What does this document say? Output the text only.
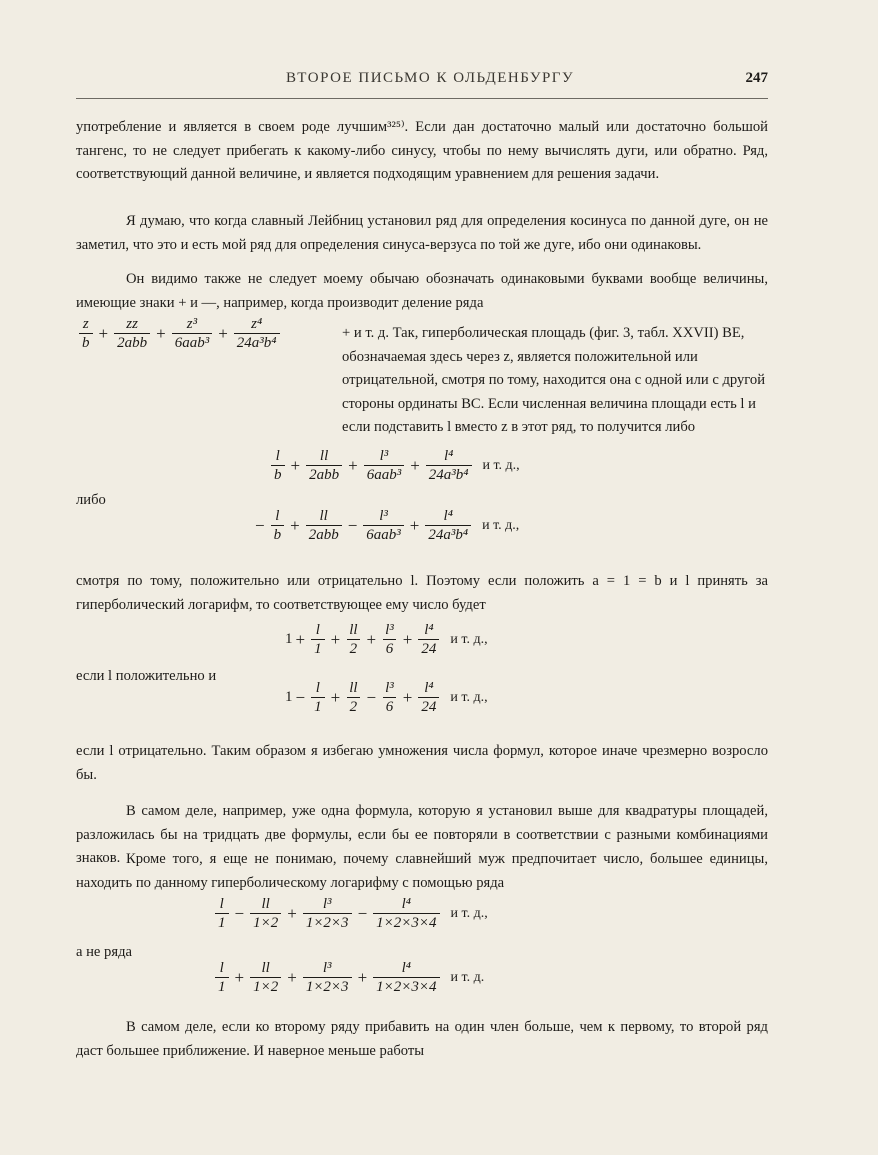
ВТОРОЕ ПИСЬМО К ОЛЬДЕНБУРГУ	247

употребление и является в своем роде лучшим³²⁵⁾. Если дан достаточно малый или достаточно большой тангенс, то не следует прибегать к какому-либо синусу, чтобы по нему вычислять дуги, или обратно. Ряд, соответствующий данной величине, и является подходящим уравнением для решения задачи.

Я думаю, что когда славный Лейбниц установил ряд для определения косинуса по данной дуге, он не заметил, что это и есть мой ряд для определения синуса-верзуса по той же дуге, ибо они одинаковы.

Он видимо также не следует моему обычаю обозначать одинаковыми буквами вообще величины, имеющие знаки + и —, например, когда производит деление ряда

$\frac{z}{b} + \frac{zz}{\text{2abb}} + \frac{\text{z³}}{\text{6aab³}} + \frac{\text{z⁴}}{\text{24a³b⁴}}$	+ и т. д. Так, гиперболическая площадь (фиг. 3, табл. XXVII) BE, обозначаемая здесь через z, является положительной или отрицательной, смотря по тому, находится она с одной или с другой стороны ординаты BC. Если численная величина площади есть l и если подставить l вместо z в этот ряд, то получится либо

$\frac{l}{b} + \frac{ll}{\text{2abb}} + \frac{\text{l³}}{\text{6aab³}} + \frac{\text{l⁴}}{\text{24a³b⁴}}$ и т. д.,
либо
− $\frac{l}{b} + \frac{ll}{\text{2abb}} - \frac{\text{l³}}{\text{6aab³}} + \frac{\text{l⁴}}{\text{24a³b⁴}}$ и т. д.,

смотря по тому, положительно или отрицательно l. Поэтому если положить a = 1 = b и l принять за гиперболический логарифм, то соответствующее ему число будет

$1 + \frac{l}{1} + \frac{ll}{2} + \frac{\text{l³}}{6} + \frac{\text{l⁴}}{24}$ и т. д.,
если l положительно и
$1 - \frac{l}{1} + \frac{ll}{2} - \frac{\text{l³}}{6} + \frac{\text{l⁴}}{24}$ и т. д.,

если l отрицательно. Таким образом я избегаю умножения числа формул, которое иначе чрезмерно возросло бы.

В самом деле, например, уже одна формула, которую я установил выше для квадратуры площадей, разложилась бы на тридцать две формулы, если бы ее повторяли в соответствии с разными комбинациями знаков. Кроме того, я еще не понимаю, почему славнейший муж предпочитает число, большее единицы, находить по данному гиперболическому логарифму с помощью ряда

$\frac{l}{1} - \frac{ll}{1\times 2} + \frac{\text{l³}}{1\times 2\times 3} - \frac{\text{l⁴}}{1\times 2\times 3\times 4}$ и т. д.,
а не ряда
$\frac{l}{1} + \frac{ll}{1\times 2} + \frac{\text{l³}}{1\times 2\times 3} + \frac{\text{l⁴}}{1\times 2\times 3\times 4}$ и т. д.

В самом деле, если ко второму ряду прибавить на один член больше, чем к первому, то второй ряд даст большее приближение. И наверное меньше работы
